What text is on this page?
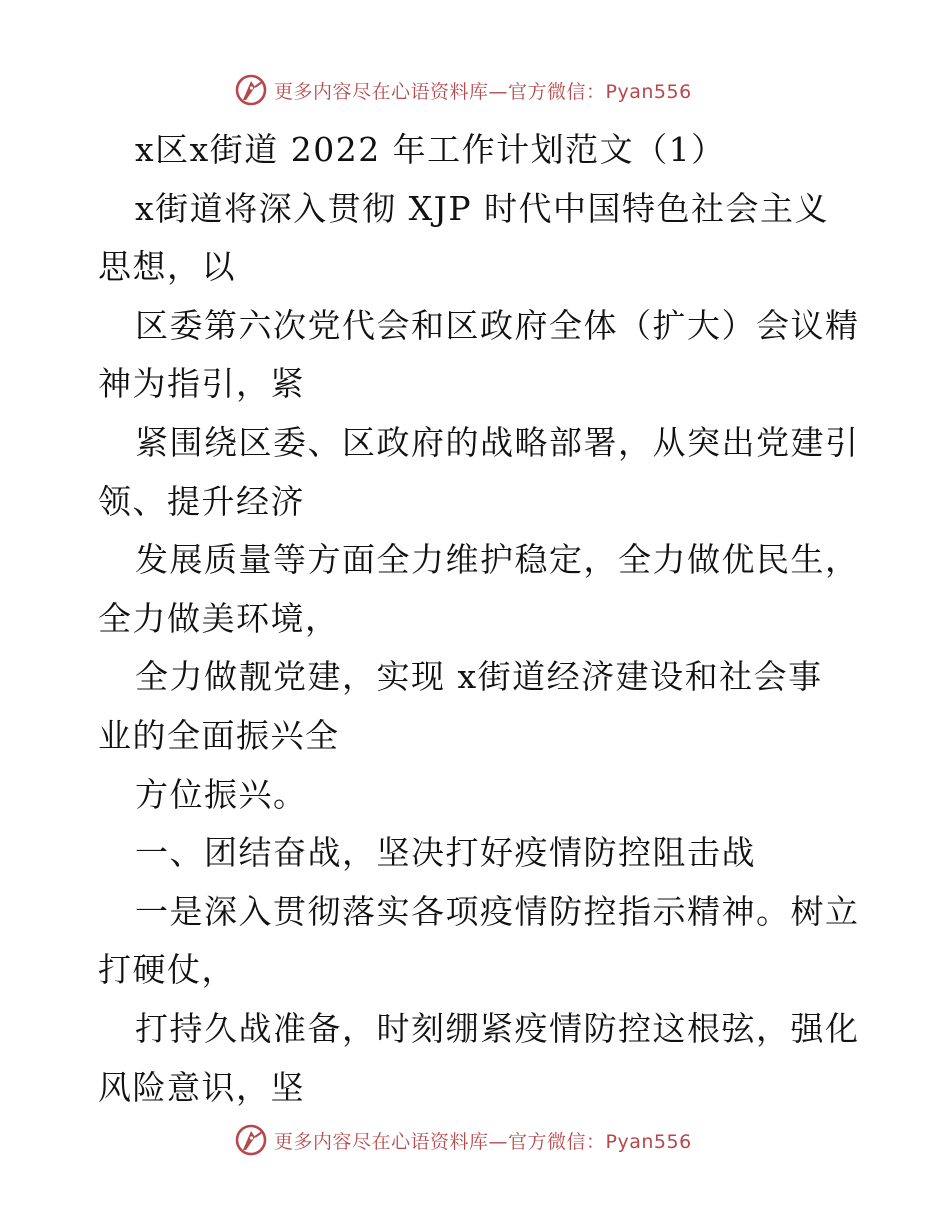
更多内容尽在心语资料库—官方微信：Pyan556
x区x街道 2022 年工作计划范文（1）
x街道将深入贯彻 XJP 时代中国特色社会主义
思想，以
区委第六次党代会和区政府全体（扩大）会议精
神为指引，紧
紧围绕区委、区政府的战略部署，从突出党建引
领、提升经济
发展质量等方面全力维护稳定，全力做优民生，
全力做美环境，
全力做靓党建，实现 x街道经济建设和社会事
业的全面振兴全
方位振兴。
一、团结奋战，坚决打好疫情防控阻击战
一是深入贯彻落实各项疫情防控指示精神。树立
打硬仗，
打持久战准备，时刻绷紧疫情防控这根弦，强化
风险意识，坚
更多内容尽在心语资料库—官方微信：Pyan556
